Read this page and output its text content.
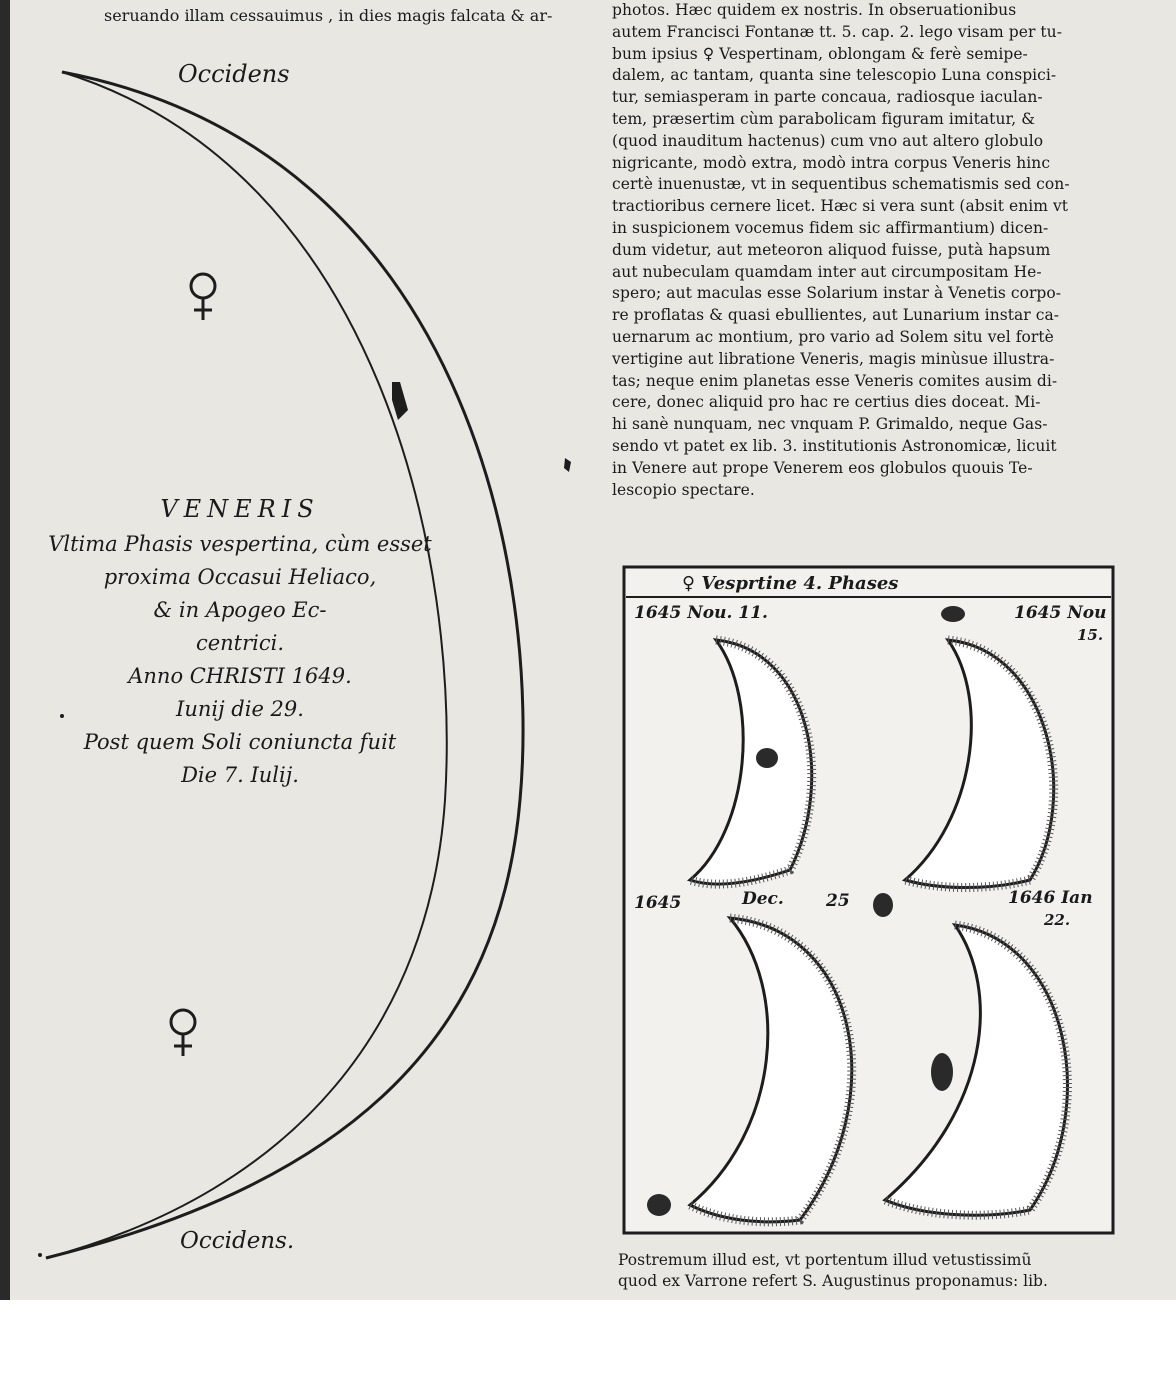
seruando illam cessauimus , in dies magis falcata & ar-

Occidens

VENERIS
Vltima Phasis vespertina, cùm esset
proxima Occasui Heliaco,
& in Apogeo Ec-
centrici.
Anno CHRISTI 1649.
Iunij die 29.
Post quem Soli coniuncta fuit
Die 7. Iulij.

Occidens.

photos. Hæc quidem ex nostris. In obseruationibus
autem Francisci Fontanæ tt. 5. cap. 2. lego visam per tu-
bum ipsius ♀ Vespertinam, oblongam & ferè semipe-
dalem, ac tantam, quanta sine telescopio Luna conspici-
tur, semiasperam in parte concaua, radiosque iaculan-
tem, præsertim cùm parabolicam figuram imitatur, &
(quod inauditum hactenus) cum vno aut altero globulo
nigricante, modò extra, modò intra corpus Veneris hinc
certè inuenustæ, vt in sequentibus schematismis sed con-
tractioribus cernere licet. Hæc si vera sunt (absit enim vt
in suspicionem vocemus fidem sic affirmantium) dicen-
dum videtur, aut meteoron aliquod fuisse, putà hapsum
aut nubeculam quamdam inter aut circumpositam He-
spero; aut maculas esse Solarium instar à Venetis corpo-
re proflatas & quasi ebullientes, aut Lunarium instar ca-
uernarum ac montium, pro vario ad Solem situ vel fortè
vertigine aut libratione Veneris, magis minùsue illustra-
tas; neque enim planetas esse Veneris comites ausim di-
cere, donec aliquid pro hac re certius dies doceat. Mi-
hi sanè nunquam, nec vnquam P. Grimaldo, neque Gas-
sendo vt patet ex lib. 3. institutionis Astronomicæ, licuit
in Venere aut prope Venerem eos globulos quouis Te-
lescopio spectare.
♀ Vesprtine 4. Phases
1645 Nou. 11.	1645 Nou
15.
1645	Dec. 25	1646 Ian
22.
Postremum illud est, vt portentum illud vetustissimũ
quod ex Varrone refert S. Augustinus proponamus: lib.
